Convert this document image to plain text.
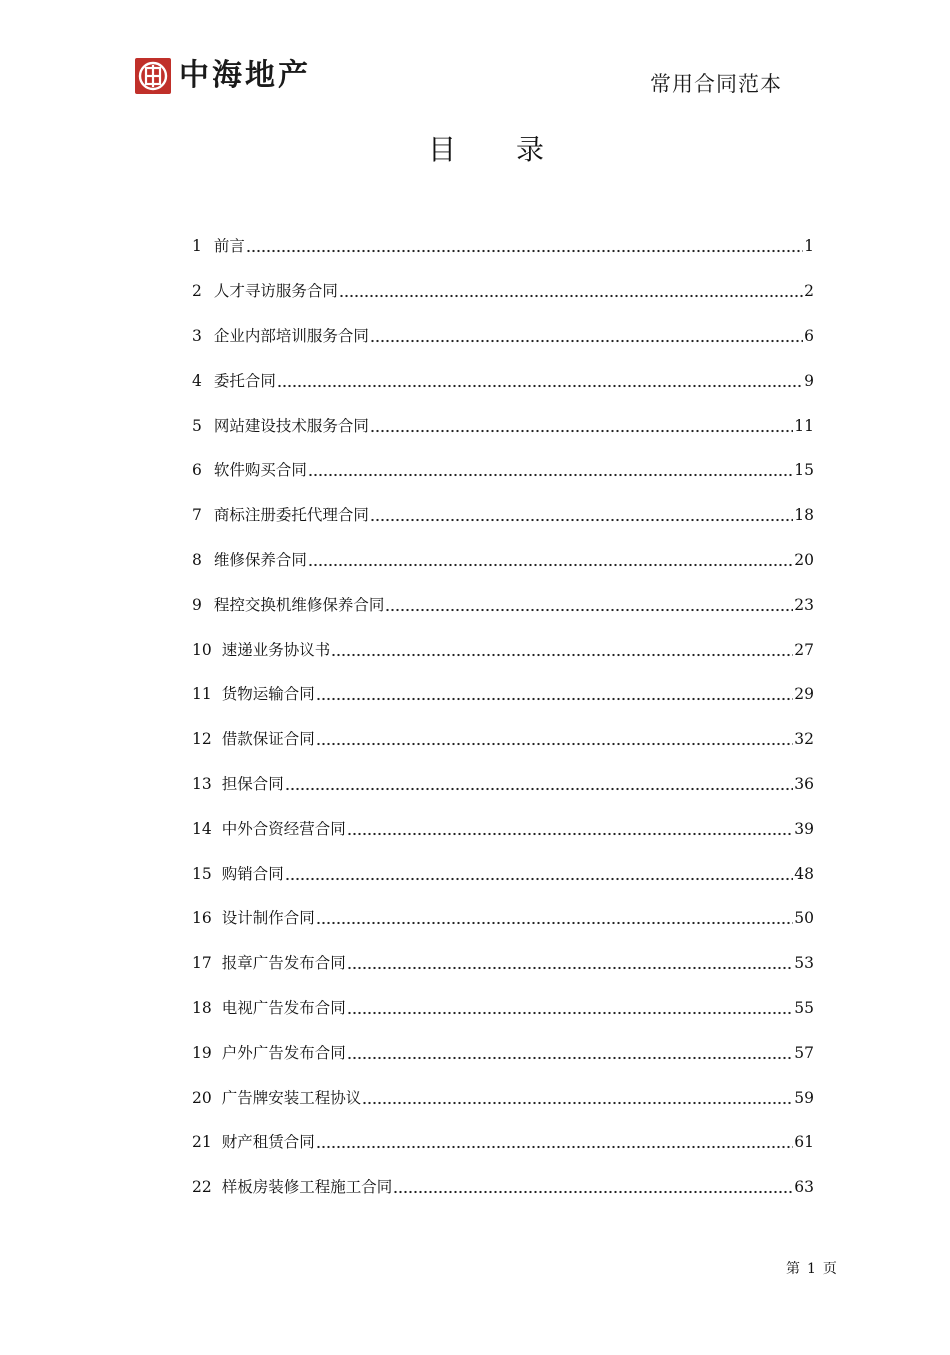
中海地产	常用合同范本
目录
1 前言	1
2 人才寻访服务合同	2
3 企业内部培训服务合同	6
4 委托合同	9
5 网站建设技术服务合同	11
6 软件购买合同	15
7 商标注册委托代理合同	18
8 维修保养合同	20
9 程控交换机维修保养合同	23
10 速递业务协议书	27
11 货物运输合同	29
12 借款保证合同	32
13 担保合同	36
14 中外合资经营合同	39
15 购销合同	48
16 设计制作合同	50
17 报章广告发布合同	53
18 电视广告发布合同	55
19 户外广告发布合同	57
20 广告牌安装工程协议	59
21 财产租赁合同	61
22 样板房装修工程施工合同	63
第 1 页
